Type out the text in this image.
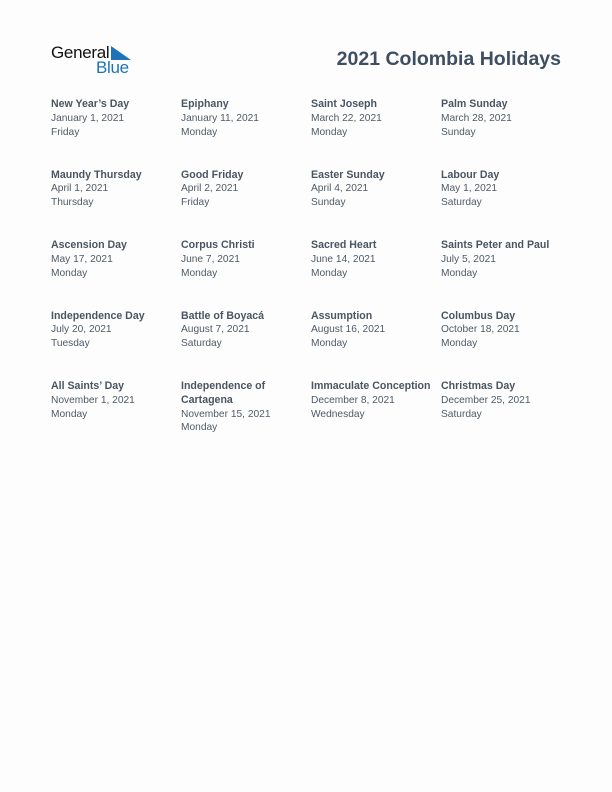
General
Blue	2021 Colombia Holidays
New Year’s Day
January 1, 2021
Friday
Epiphany
January 11, 2021
Monday
Saint Joseph
March 22, 2021
Monday
Palm Sunday
March 28, 2021
Sunday
Maundy Thursday
April 1, 2021
Thursday
Good Friday
April 2, 2021
Friday
Easter Sunday
April 4, 2021
Sunday
Labour Day
May 1, 2021
Saturday
Ascension Day
May 17, 2021
Monday
Corpus Christi
June 7, 2021
Monday
Sacred Heart
June 14, 2021
Monday
Saints Peter and Paul
July 5, 2021
Monday
Independence Day
July 20, 2021
Tuesday
Battle of Boyacá
August 7, 2021
Saturday
Assumption
August 16, 2021
Monday
Columbus Day
October 18, 2021
Monday
All Saints’ Day
November 1, 2021
Monday
Independence of Cartagena
November 15, 2021
Monday
Immaculate Conception
December 8, 2021
Wednesday
Christmas Day
December 25, 2021
Saturday
